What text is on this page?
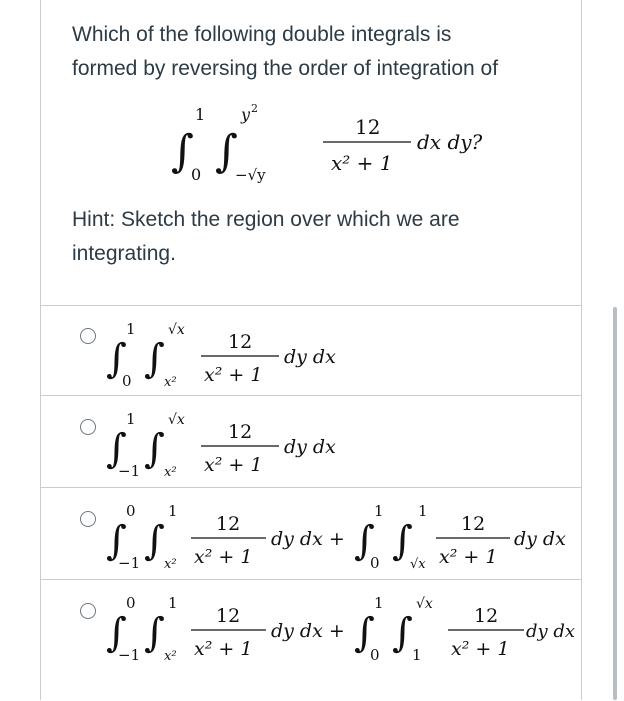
Which of the following double integrals is
formed by reversing the order of integration of
∫
1
0 ∫
y 2
−√y
12
x² + 1
dx dy?
Hint: Sketch the region over which we are
integrating.
∫
1
0 ∫
√x
x²
12
x² + 1
dy dx
∫
1
−1 ∫
√x
x²
12
x² + 1
dy dx
∫
0
−1 ∫
1
x²
12
x² + 1
dy dx + ∫
1
0 ∫
1
√x
12
x² + 1
dy dx
∫
0
−1 ∫
1
x²
12
x² + 1
dy dx + ∫
1
0 ∫
√x
1
12
x² + 1
dy dx
